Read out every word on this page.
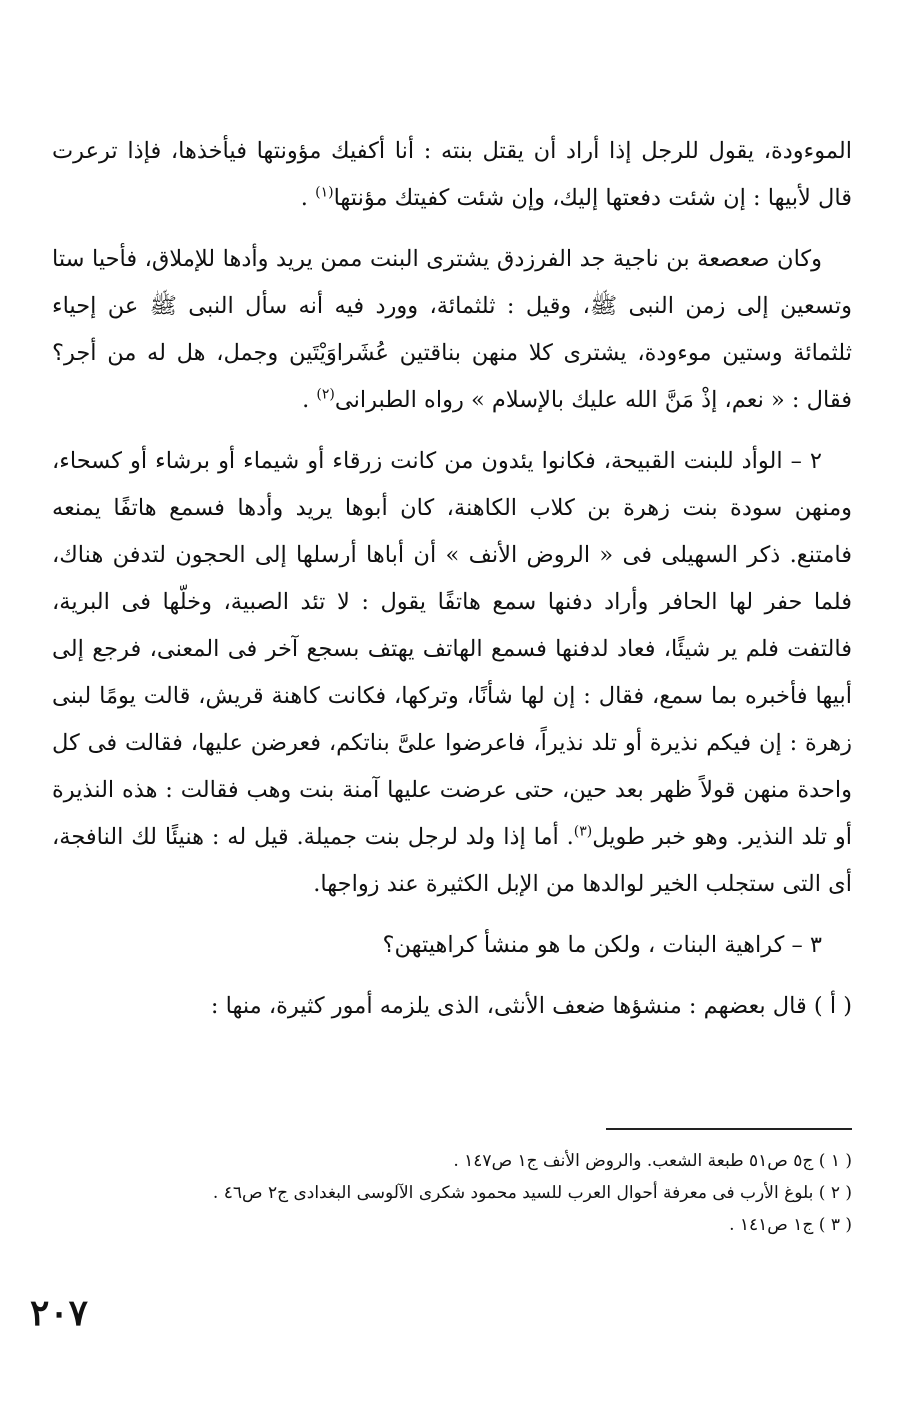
الموءودة، يقول للرجل إذا أراد أن يقتل بنته : أنا أكفيك مؤونتها فيأخذها، فإذا ترعرت قال لأبيها : إن شئت دفعتها إليك، وإن شئت كفيتك مؤنتها$^{(١)}$ .

وكان صعصعة بن ناجية جد الفرزدق يشترى البنت ممن يريد وأدها للإملاق، فأحيا ستا وتسعين إلى زمن النبى ﷺ، وقيل : ثلثمائة، وورد فيه أنه سأل النبى ﷺ عن إحياء ثلثمائة وستين موءودة، يشترى كلا منهن بناقتين عُشَراوَيْتَين وجمل، هل له من أجر؟ فقال : « نعم، إذْ مَنَّ الله عليك بالإسلام » رواه الطبرانى$^{(٢)}$ .

٢ – الوأد للبنت القبيحة، فكانوا يئدون من كانت زرقاء أو شيماء أو برشاء أو كسحاء، ومنهن سودة بنت زهرة بن كلاب الكاهنة، كان أبوها يريد وأدها فسمع هاتفًا يمنعه فامتنع. ذكر السهيلى فى « الروض الأنف » أن أباها أرسلها إلى الحجون لتدفن هناك، فلما حفر لها الحافر وأراد دفنها سمع هاتفًا يقول : لا تئد الصبية، وخلّها فى البرية، فالتفت فلم ير شيئًا، فعاد لدفنها فسمع الهاتف يهتف بسجع آخر فى المعنى، فرجع إلى أبيها فأخبره بما سمع، فقال : إن لها شأنًا، وتركها، فكانت كاهنة قريش، قالت يومًا لبنى زهرة : إن فيكم نذيرة أو تلد نذيراً، فاعرضوا علىَّ بناتكم، فعرضن عليها، فقالت فى كل واحدة منهن قولاً ظهر بعد حين، حتى عرضت عليها آمنة بنت وهب فقالت : هذه النذيرة أو تلد النذير. وهو خبر طويل$^{(٣)}$. أما إذا ولد لرجل بنت جميلة. قيل له : هنيئًا لك النافجة، أى التى ستجلب الخير لوالدها من الإبل الكثيرة عند زواجها.

٣ – كراهية البنات ، ولكن ما هو منشأ كراهيتهن؟

( أ ) قال بعضهم : منشؤها ضعف الأنثى، الذى يلزمه أمور كثيرة، منها :

( ١ ) ج٥ ص٥١ طبعة الشعب. والروض الأنف ج١ ص١٤٧ .

( ٢ ) بلوغ الأرب فى معرفة أحوال العرب للسيد محمود شكرى الآلوسى البغدادى ج٢ ص٤٦ .

( ٣ ) ج١ ص١٤١ .

٢٠٧
